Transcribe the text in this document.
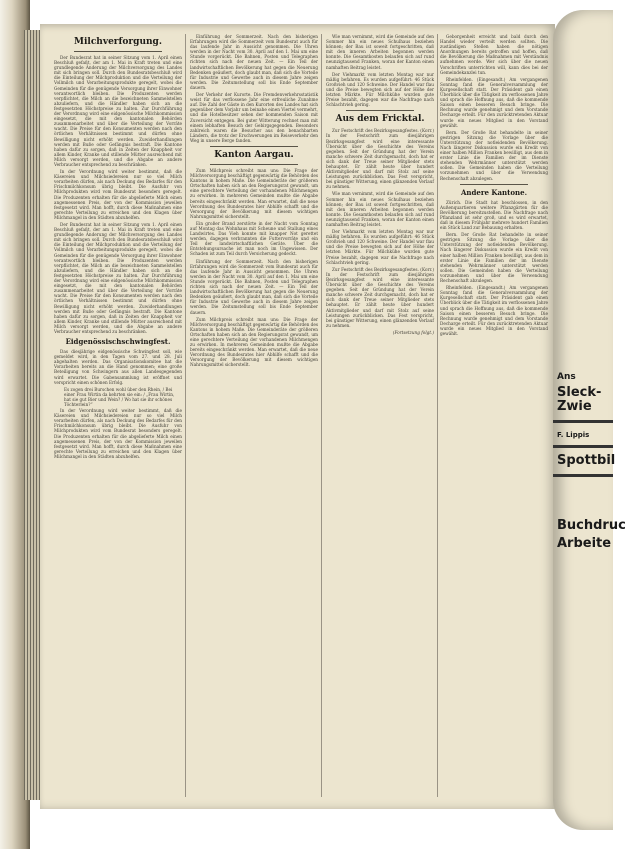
Milchverforgung.

Der Bundesrat hat in seiner Sitzung vom 1. April einen Beschluß gefaßt, der am 1. Mai in Kraft treten und eine grundlegende Änderung der Milchversorgung des Landes mit sich bringen soll. Durch den Bundesratsbeschluß wird die Einteilung der Milchproduktion und die Verteilung der Vollmilch und Verarbeitungsprodukte geregelt, wobei die Gemeinden für die genügende Versorgung ihrer Einwohner verantwortlich bleiben. Die Produzenten werden verpflichtet, die Milch an die bezeichneten Sammelstellen abzuliefern, und die Händler haben sich an die festgesetzten Höchstpreise zu halten. Zur Durchführung der Verordnung wird eine eidgenössische Milchkommission eingesetzt, die mit den kantonalen Behörden zusammenarbeitet und über die Verteilung der Vorräte wacht. Die Preise für den Konsumenten werden nach den örtlichen Verhältnissen bestimmt und dürfen ohne Bewilligung nicht erhöht werden. Zuwiderhandlungen werden mit Buße oder Gefängnis bestraft. Die Kantone haben dafür zu sorgen, daß in Zeiten der Knappheit vor allem Kinder, Kranke und stillende Mütter ausreichend mit Milch versorgt werden, und die Abgabe an andere Verbraucher entsprechend zu beschränken.

In der Verordnung wird weiter bestimmt, daß die Käsereien und Milchsiedereien nur so viel Milch verarbeiten dürfen, als nach Deckung des Bedarfes für den Frischmilchkonsum übrig bleibt. Die Ausfuhr von Milchprodukten wird vom Bundesrat besonders geregelt. Die Produzenten erhalten für die abgelieferte Milch einen angemessenen Preis, der von der Kommission jeweilen festgesetzt wird. Man hofft, durch diese Maßnahmen eine gerechte Verteilung zu erreichen und den Klagen über Milchmangel in den Städten abzuhelfen.

Der Bundesrat hat in seiner Sitzung vom 1. April einen Beschluß gefaßt, der am 1. Mai in Kraft treten und eine grundlegende Änderung der Milchversorgung des Landes mit sich bringen soll. Durch den Bundesratsbeschluß wird die Einteilung der Milchproduktion und die Verteilung der Vollmilch und Verarbeitungsprodukte geregelt, wobei die Gemeinden für die genügende Versorgung ihrer Einwohner verantwortlich bleiben. Die Produzenten werden verpflichtet, die Milch an die bezeichneten Sammelstellen abzuliefern, und die Händler haben sich an die festgesetzten Höchstpreise zu halten. Zur Durchführung der Verordnung wird eine eidgenössische Milchkommission eingesetzt, die mit den kantonalen Behörden zusammenarbeitet und über die Verteilung der Vorräte wacht. Die Preise für den Konsumenten werden nach den örtlichen Verhältnissen bestimmt und dürfen ohne Bewilligung nicht erhöht werden. Zuwiderhandlungen werden mit Buße oder Gefängnis bestraft. Die Kantone haben dafür zu sorgen, daß in Zeiten der Knappheit vor allem Kinder, Kranke und stillende Mütter ausreichend mit Milch versorgt werden, und die Abgabe an andere Verbraucher entsprechend zu beschränken.

Eidgenössischschwingfest.

Das diesjährige eidgenössische Schwingfest soll, wie gemeldet wird, in den Tagen vom 27. und 28. Juli abgehalten werden. Das Organisationskomitee hat die Vorarbeiten bereits an die Hand genommen; eine große Beteiligung von Schwingern aus allen Landesgegenden wird erwartet. Die Gabensammlung ist eröffnet und verspricht einen schönen Erfolg.

Es zogen drei Burschen wohl über den Rhein, / Bei einer Frau Wirtin da kehrten sie ein: / „Frau Wirtin, hat sie gut Bier und Wein? / Wo hat sie ihr schönes Töchterlein?“

In der Verordnung wird weiter bestimmt, daß die Käsereien und Milchsiedereien nur so viel Milch verarbeiten dürfen, als nach Deckung des Bedarfes für den Frischmilchkonsum übrig bleibt. Die Ausfuhr von Milchprodukten wird vom Bundesrat besonders geregelt. Die Produzenten erhalten für die abgelieferte Milch einen angemessenen Preis, der von der Kommission jeweilen festgesetzt wird. Man hofft, durch diese Maßnahmen eine gerechte Verteilung zu erreichen und den Klagen über Milchmangel in den Städten abzuhelfen.

Einführung der Sommerzeit. Nach den bisherigen Erfahrungen wird die Sommerzeit vom Bundesrat auch für das laufende Jahr in Aussicht genommen. Die Uhren werden in der Nacht vom 30. April auf den 1. Mai um eine Stunde vorgerückt. Die Bahnen, Posten und Telegraphen richten sich nach der neuen Zeit. — Ein Teil der landwirtschaftlichen Bevölkerung hat gegen die Neuerung Bedenken geäußert, doch glaubt man, daß sich die Vorteile für Industrie und Gewerbe auch in diesem Jahre zeigen werden. Die Zeitumstellung soll bis Ende September dauern.

Der Verkehr der Kurorte. Die Fremdenverkehrsstatistik weist für das verflossene Jahr eine erfreuliche Zunahme auf. Die Zahl der Gäste in den Kurorten des Landes hat sich gegenüber dem Vorjahr um beinahe einen Viertel vermehrt, und die Hotelbesitzer sehen der kommenden Saison mit Zuversicht entgegen. Bei guter Witterung rechnet man mit einem lebhaften Besuch der Gebirgsgegenden. Besonders zahlreich waren die Besucher aus den benachbarten Ländern, die trotz der Erschwerungen im Reiseverkehr den Weg in unsere Berge fanden.

Kanton Aargau.

Zum Milchpreis schreibt man uns: Die Frage der Milchversorgung beschäftigt gegenwärtig die Behörden des Kantons in hohem Maße. Die Gemeinderäte der größeren Ortschaften haben sich an den Regierungsrat gewandt, um eine gerechtere Verteilung der vorhandenen Milchmengen zu erwirken. In mehreren Gemeinden mußte die Abgabe bereits eingeschränkt werden. Man erwartet, daß die neue Verordnung des Bundesrates hier Abhilfe schafft und die Versorgung der Bevölkerung mit diesem wichtigen Nahrungsmittel sicherstellt.

Ein großer Brand zerstörte in der Nacht vom Sonntag auf Montag das Wohnhaus mit Scheune und Stallung eines Landwirtes. Das Vieh konnte mit knapper Not gerettet werden, dagegen verbrannten die Futtervorräte und ein Teil der landwirtschaftlichen Geräte. Über die Entstehungsursache ist man noch im Ungewissen. Der Schaden ist zum Teil durch Versicherung gedeckt.

Einführung der Sommerzeit. Nach den bisherigen Erfahrungen wird die Sommerzeit vom Bundesrat auch für das laufende Jahr in Aussicht genommen. Die Uhren werden in der Nacht vom 30. April auf den 1. Mai um eine Stunde vorgerückt. Die Bahnen, Posten und Telegraphen richten sich nach der neuen Zeit. — Ein Teil der landwirtschaftlichen Bevölkerung hat gegen die Neuerung Bedenken geäußert, doch glaubt man, daß sich die Vorteile für Industrie und Gewerbe auch in diesem Jahre zeigen werden. Die Zeitumstellung soll bis Ende September dauern.

Zum Milchpreis schreibt man uns: Die Frage der Milchversorgung beschäftigt gegenwärtig die Behörden des Kantons in hohem Maße. Die Gemeinderäte der größeren Ortschaften haben sich an den Regierungsrat gewandt, um eine gerechtere Verteilung der vorhandenen Milchmengen zu erwirken. In mehreren Gemeinden mußte die Abgabe bereits eingeschränkt werden. Man erwartet, daß die neue Verordnung des Bundesrates hier Abhilfe schafft und die Versorgung der Bevölkerung mit diesem wichtigen Nahrungsmittel sicherstellt.

Wie man vernimmt, wird die Gemeinde auf den Sommer hin ein neues Schulhaus beziehen können; der Bau ist soweit fortgeschritten, daß mit den inneren Arbeiten begonnen werden konnte. Die Gesamtkosten belaufen sich auf rund neunzigtausend Franken, woran der Kanton einen namhaften Beitrag leistet.

Der Viehmarkt vom letzten Montag war nur mäßig befahren. Es wurden aufgeführt: 46 Stück Großvieh und 120 Schweine. Der Handel war flau und die Preise bewegten sich auf der Höhe der letzten Märkte. Für Milchkühe wurden gute Preise bezahlt, dagegen war die Nachfrage nach Schlachtvieh gering.

Aus dem Fricktal.

Zur Festschrift des Bezirksgesangfestes. (Korr.) In der Festschrift zum diesjährigen Bezirksgesangfest wird eine interessante Übersicht über die Geschichte des Vereins gegeben. Seit der Gründung hat der Verein manche schwere Zeit durchgemacht, doch hat er sich dank der Treue seiner Mitglieder stets behauptet. Er zählt heute über hundert Aktivmitglieder und darf mit Stolz auf seine Leistungen zurückblicken. Das Fest verspricht, bei günstiger Witterung, einen glänzenden Verlauf zu nehmen.

Wie man vernimmt, wird die Gemeinde auf den Sommer hin ein neues Schulhaus beziehen können; der Bau ist soweit fortgeschritten, daß mit den inneren Arbeiten begonnen werden konnte. Die Gesamtkosten belaufen sich auf rund neunzigtausend Franken, woran der Kanton einen namhaften Beitrag leistet.

Der Viehmarkt vom letzten Montag war nur mäßig befahren. Es wurden aufgeführt: 46 Stück Großvieh und 120 Schweine. Der Handel war flau und die Preise bewegten sich auf der Höhe der letzten Märkte. Für Milchkühe wurden gute Preise bezahlt, dagegen war die Nachfrage nach Schlachtvieh gering.

Zur Festschrift des Bezirksgesangfestes. (Korr.) In der Festschrift zum diesjährigen Bezirksgesangfest wird eine interessante Übersicht über die Geschichte des Vereins gegeben. Seit der Gründung hat der Verein manche schwere Zeit durchgemacht, doch hat er sich dank der Treue seiner Mitglieder stets behauptet. Er zählt heute über hundert Aktivmitglieder und darf mit Stolz auf seine Leistungen zurückblicken. Das Fest verspricht, bei günstiger Witterung, einen glänzenden Verlauf zu nehmen.

(Fortsetzung folgt.)

Geborgenheit erreicht und bald durch den Handel wieder verteilt werden sollten. Die zuständigen Stellen haben die nötigen Anordnungen bereits getroffen und hoffen, daß die Bevölkerung die Maßnahmen mit Verständnis aufnehmen werde. Wer sich über die neuen Vorschriften unterrichten will, kann dies bei der Gemeindekanzlei tun.

Rheinfelden. (Eingesandt.) Am vergangenen Sonntag fand die Generalversammlung der Kurgesellschaft statt. Der Präsident gab einen Überblick über die Tätigkeit im verflossenen Jahre und sprach die Hoffnung aus, daß die kommende Saison einen besseren Besuch bringe. Die Rechnung wurde genehmigt und dem Vorstande Decharge erteilt. Für den zurücktretenden Aktuar wurde ein neues Mitglied in den Vorstand gewählt.

Bern. Der Große Rat behandelte in seiner gestrigen Sitzung die Vorlage über die Unterstützung der notleidenden Bevölkerung. Nach längerer Diskussion wurde ein Kredit von einer halben Million Franken bewilligt, aus dem in erster Linie die Familien der im Dienste stehenden Wehrmänner unterstützt werden sollen. Die Gemeinden haben die Verteilung vorzunehmen und über die Verwendung Rechenschaft abzulegen.

Andere Kantone.

Zürich. Die Stadt hat beschlossen, in den Außenquartieren weitere Pflanzgärten für die Bevölkerung bereitzustellen. Die Nachfrage nach Pflanzland ist sehr groß, und es wird erwartet, daß in diesem Frühjahr mehrere hundert Familien ein Stück Land zur Bebauung erhalten.

Bern. Der Große Rat behandelte in seiner gestrigen Sitzung die Vorlage über die Unterstützung der notleidenden Bevölkerung. Nach längerer Diskussion wurde ein Kredit von einer halben Million Franken bewilligt, aus dem in erster Linie die Familien der im Dienste stehenden Wehrmänner unterstützt werden sollen. Die Gemeinden haben die Verteilung vorzunehmen und über die Verwendung Rechenschaft abzulegen.

Rheinfelden. (Eingesandt.) Am vergangenen Sonntag fand die Generalversammlung der Kurgesellschaft statt. Der Präsident gab einen Überblick über die Tätigkeit im verflossenen Jahre und sprach die Hoffnung aus, daß die kommende Saison einen besseren Besuch bringe. Die Rechnung wurde genehmigt und dem Vorstande Decharge erteilt. Für den zurücktretenden Aktuar wurde ein neues Mitglied in den Vorstand gewählt.

Ans
Sleck-Zwie
F. Lippis
Spottbil
Buchdruc
Arbeite
